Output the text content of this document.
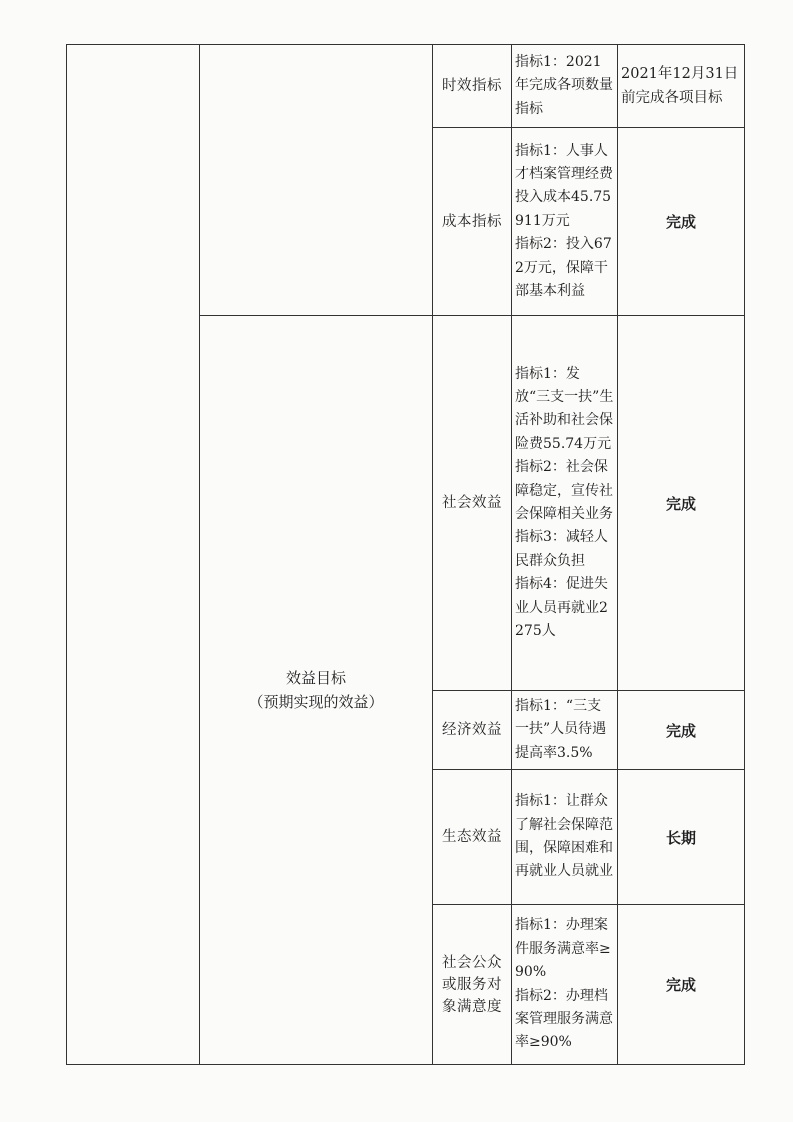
		时效指标	指标1：2021年完成各项数量指标	2021年12月31日前完成各项目标
		成本指标	指标1：人事人才档案管理经费投入成本45.75911万元
指标2：投入672万元，保障干部基本利益	完成

	效益目标
（预期实现的效益）	社会效益	指标1：发放“三支一扶”生活补助和社会保险费55.74万元
指标2：社会保障稳定，宣传社会保障相关业务
指标3：减轻人民群众负担
指标4：促进失业人员再就业2275人	完成
		经济效益	指标1：“三支一扶”人员待遇提高率3.5%	完成
		生态效益	指标1：让群众了解社会保障范围，保障困难和再就业人员就业	长期
		社会公众或服务对象满意度	指标1：办理案件服务满意率≥90%
指标2：办理档案管理服务满意率≥90%	完成
